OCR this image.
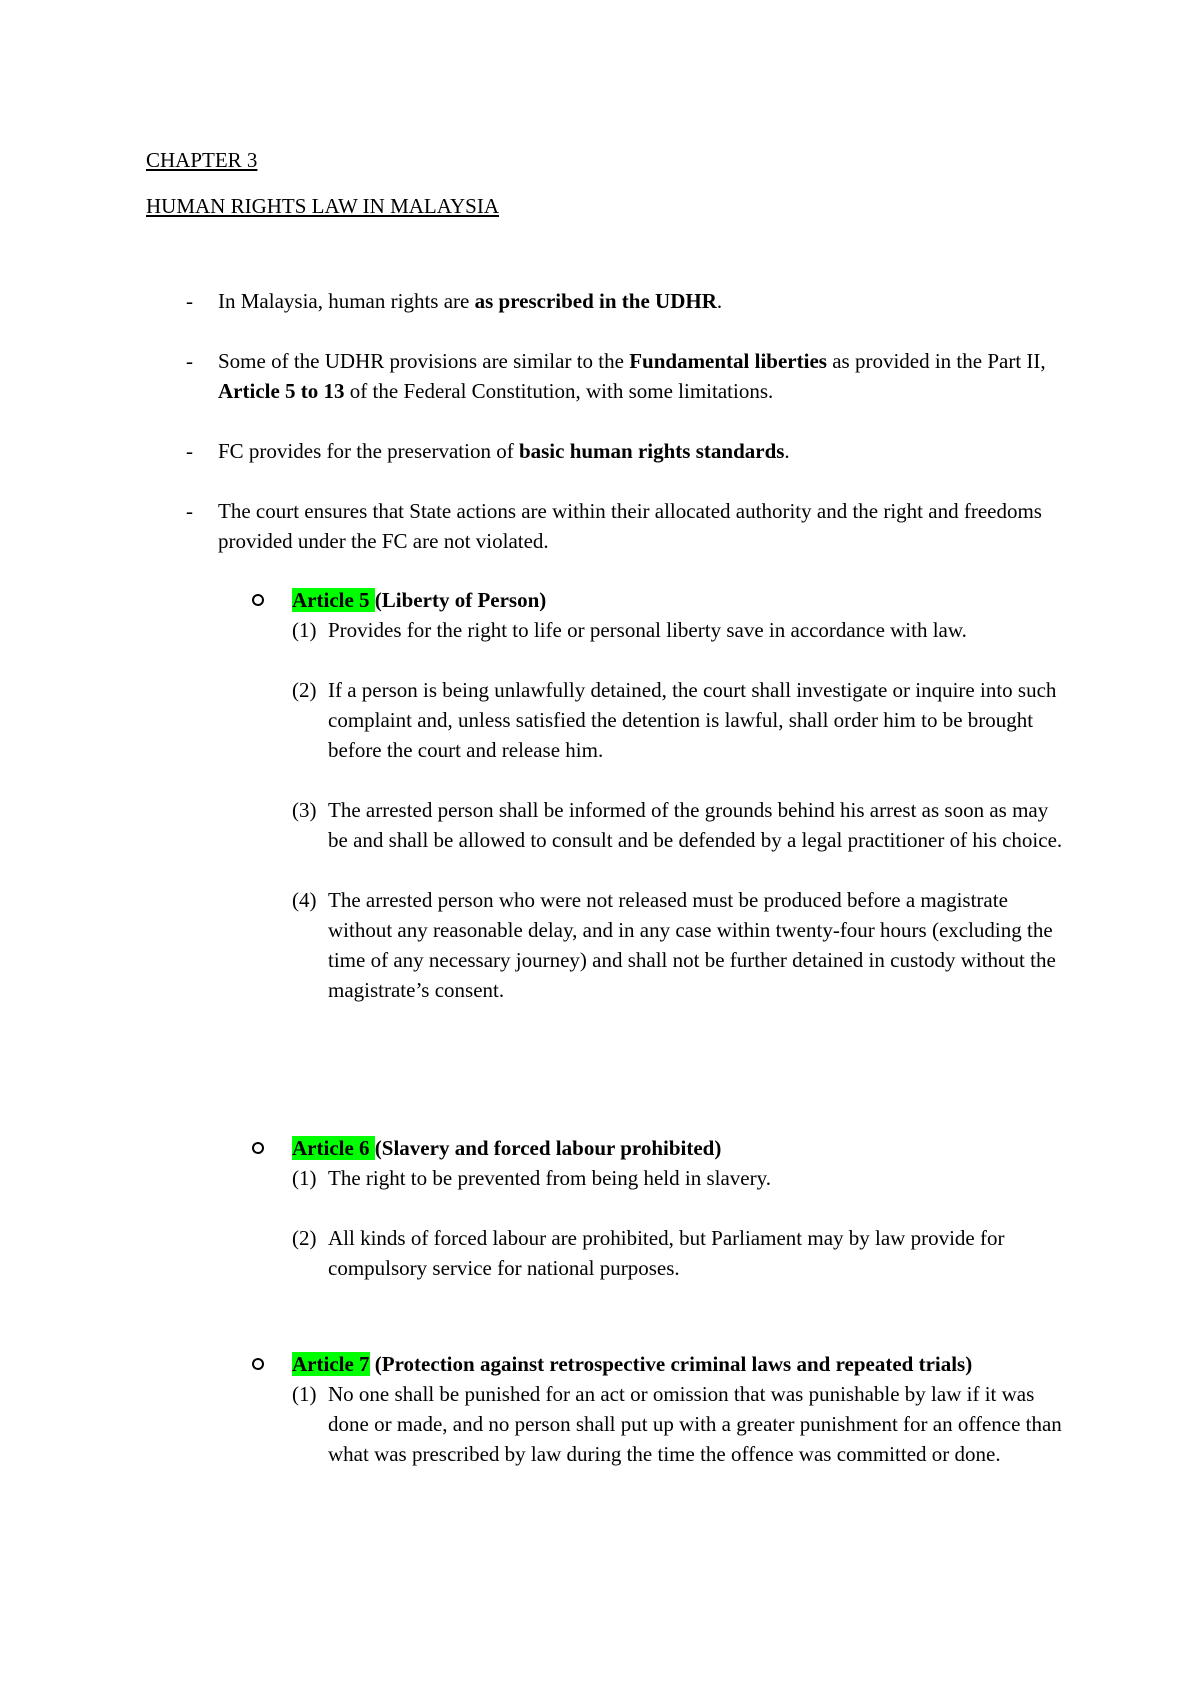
CHAPTER 3
HUMAN RIGHTS LAW IN MALAYSIA
- In Malaysia, human rights are as prescribed in the UDHR.
- Some of the UDHR provisions are similar to the Fundamental liberties as provided in the Part II, Article 5 to 13 of the Federal Constitution, with some limitations.
- FC provides for the preservation of basic human rights standards.
- The court ensures that State actions are within their allocated authority and the right and freedoms provided under the FC are not violated.
Article 5 (Liberty of Person)
(1) Provides for the right to life or personal liberty save in accordance with law.
(2) If a person is being unlawfully detained, the court shall investigate or inquire into such complaint and, unless satisfied the detention is lawful, shall order him to be brought before the court and release him.
(3) The arrested person shall be informed of the grounds behind his arrest as soon as may be and shall be allowed to consult and be defended by a legal practitioner of his choice.
(4) The arrested person who were not released must be produced before a magistrate without any reasonable delay, and in any case within twenty-four hours (excluding the time of any necessary journey) and shall not be further detained in custody without the magistrate’s consent.
Article 6 (Slavery and forced labour prohibited)
(1) The right to be prevented from being held in slavery.
(2) All kinds of forced labour are prohibited, but Parliament may by law provide for compulsory service for national purposes.
Article 7 (Protection against retrospective criminal laws and repeated trials)
(1) No one shall be punished for an act or omission that was punishable by law if it was done or made, and no person shall put up with a greater punishment for an offence than what was prescribed by law during the time the offence was committed or done.
